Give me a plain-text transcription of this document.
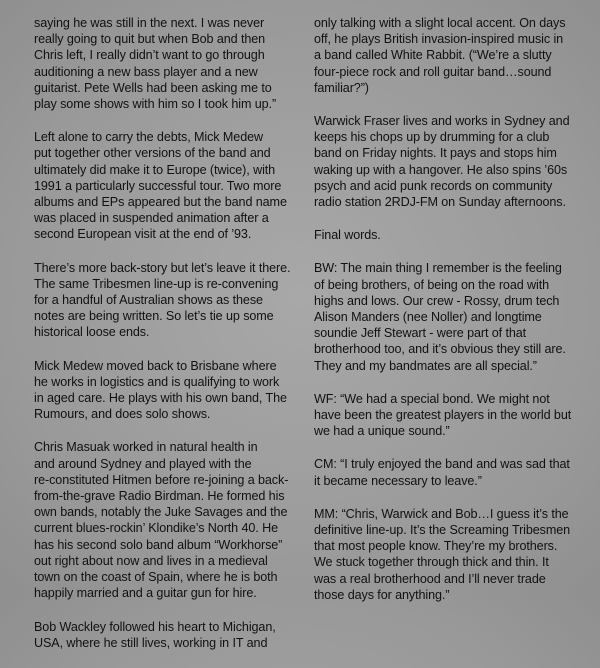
saying he was still in the next. I was never
really going to quit but when Bob and then
Chris left, I really didn’t want to go through
auditioning a new bass player and a new
guitarist. Pete Wells had been asking me to
play some shows with him so I took him up.”

Left alone to carry the debts, Mick Medew
put together other versions of the band and
ultimately did make it to Europe (twice), with
1991 a particularly successful tour. Two more
albums and EPs appeared but the band name
was placed in suspended animation after a
second European visit at the end of ’93.

There’s more back-story but let’s leave it there.
The same Tribesmen line-up is re-convening
for a handful of Australian shows as these
notes are being written. So let’s tie up some
historical loose ends.

Mick Medew moved back to Brisbane where
he works in logistics and is qualifying to work
in aged care. He plays with his own band, The
Rumours, and does solo shows.

Chris Masuak worked in natural health in
and around Sydney and played with the
re-constituted Hitmen before re-joining a back-
from-the-grave Radio Birdman. He formed his
own bands, notably the Juke Savages and the
current blues-rockin’ Klondike’s North 40. He
has his second solo band album “Workhorse”
out right about now and lives in a medieval
town on the coast of Spain, where he is both
happily married and a guitar gun for hire.

Bob Wackley followed his heart to Michigan,
USA, where he still lives, working in IT and

only talking with a slight local accent. On days
off, he plays British invasion-inspired music in
a band called White Rabbit. (“We’re a slutty
four-piece rock and roll guitar band…sound
familiar?”)

Warwick Fraser lives and works in Sydney and
keeps his chops up by drumming for a club
band on Friday nights. It pays and stops him
waking up with a hangover. He also spins ’60s
psych and acid punk records on community
radio station 2RDJ-FM on Sunday afternoons.

Final words.

BW: The main thing I remember is the feeling
of being brothers, of being on the road with
highs and lows. Our crew - Rossy, drum tech
Alison Manders (nee Noller) and longtime
soundie Jeff Stewart - were part of that
brotherhood too, and it’s obvious they still are.
They and my bandmates are all special.”

WF: “We had a special bond. We might not
have been the greatest players in the world but
we had a unique sound.”

CM: “I truly enjoyed the band and was sad that
it became necessary to leave.”

MM: “Chris, Warwick and Bob…I guess it’s the
definitive line-up. It’s the Screaming Tribesmen
that most people know. They’re my brothers.
We stuck together through thick and thin. It
was a real brotherhood and I’ll never trade
those days for anything.”
